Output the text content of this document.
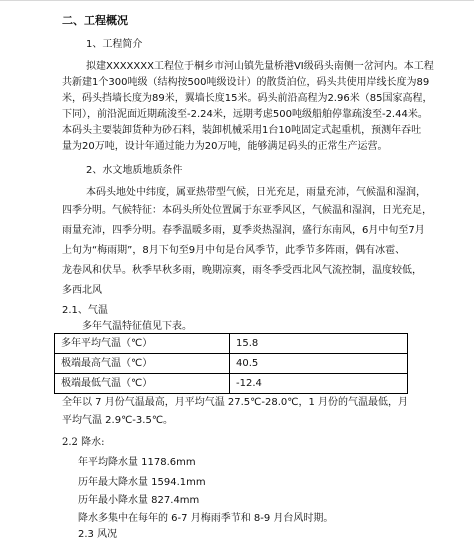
二、工程概况
1、工程简介
拟建XXXXXXX工程位于桐乡市河山镇先量桥港VI级码头南侧一岔河内。本工程
共新建1个300吨级（结构按500吨级设计）的散货泊位，码头共使用岸线长度为89
米，码头挡墙长度为89米，翼墙长度15米。码头前沿高程为2.96米（85国家高程，
下同），前沿泥面近期疏浚至-2.24米，远期考虑500吨级船舶停靠疏浚至-2.44米。
本码头主要装卸货种为砂石料，装卸机械采用1台10吨固定式起重机，预测年吞吐
量为20万吨，设计年通过能力为20万吨，能够满足码头的正常生产运营。
2、水文地质地质条件
本码头地处中纬度，属亚热带型气候，日光充足，雨量充沛，气候温和湿润，
四季分明。气候特征：本码头所处位置属于东亚季风区，气候温和湿润，日光充足，
雨量充沛，四季分明。春季温暖多雨，夏季炎热湿润，盛行东南风，6月中旬至7月
上旬为“梅雨期”，8月下旬至9月中旬是台风季节，此季节多阵雨，偶有冰雹、
龙卷风和伏旱。秋季早秋多雨，晚期凉爽，雨冬季受西北风气流控制，温度较低，
多西北风
2.1、气温
多年气温特征值见下表。
多年平均气温（℃）	15.8
极端最高气温（℃）	40.5
极端最低气温（℃）	-12.4
全年以 7 月份气温最高，月平均气温 27.5℃-28.0℃，1 月份的气温最低，月
平均气温 2.9℃-3.5℃。
2.2 降水:
年平均降水量 1178.6mm
历年最大降水量 1594.1mm
历年最小降水量 827.4mm
降水多集中在每年的 6-7 月梅雨季节和 8-9 月台风时期。
2.3 风况
